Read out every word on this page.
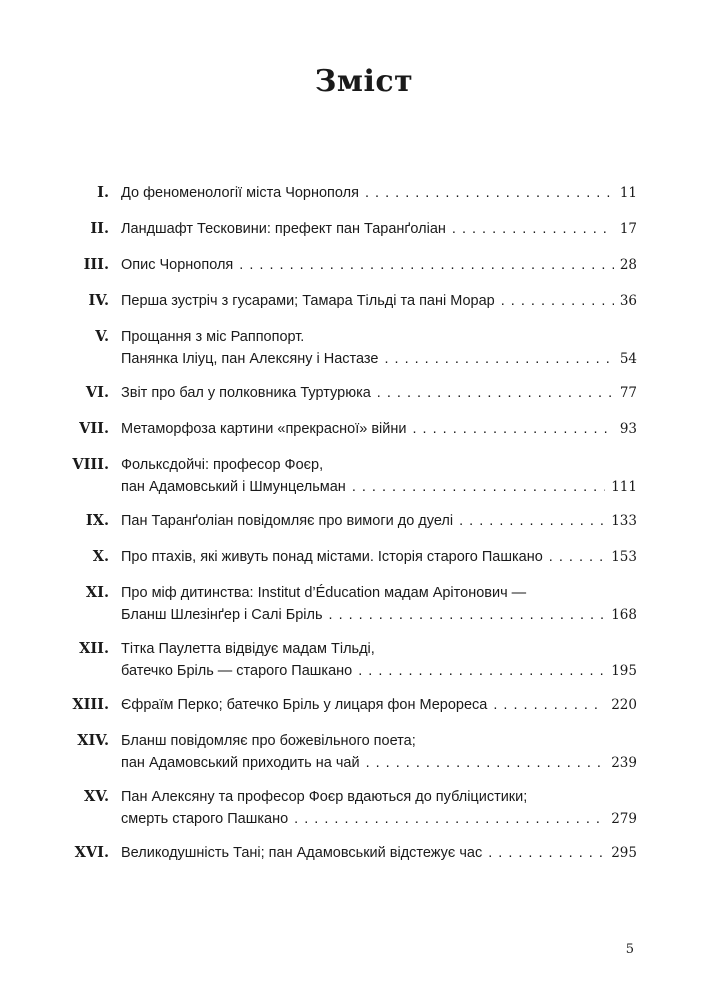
Зміст
I. До феноменології міста Чорнополя . . .	11
II. Ландшафт Тесковини: префект пан Таранґоліан . . .	17
III. Опис Чорнополя . . .	28
IV. Перша зустріч з гусарами; Тамара Тільді та пані Морар . . .	36
V. Прощання з міс Раппопорт.
Панянка Іліуц, пан Алексяну і Настазе . . .	54
VI. Звіт про бал у полковника Туртурюка . . .	77
VII. Метаморфоза картини «прекрасної» війни . . .	93
VIII. Фольксдойчі: професор Фоєр,
пан Адамовський і Шмунцельман . . .	111
IX. Пан Таранґоліан повідомляє про вимоги до дуелі . . .	133
X. Про птахів, які живуть понад містами. Історія старого Пашкано . . .	153
XI. Про міф дитинства: Institut d’Éducation мадам Арітонович —
Бланш Шлезінґер і Салі Бріль . . .	168
XII. Тітка Паулетта відвідує мадам Тільді,
батечко Бріль — старого Пашкано . . .	195
XIII. Єфраїм Перко; батечко Бріль у лицаря фон Мерореса . . .	220
XIV. Бланш повідомляє про божевільного поета;
пан Адамовський приходить на чай . . .	239
XV. Пан Алексяну та професор Фоєр вдаються до публіцистики;
смерть старого Пашкано . . .	279
XVI. Великодушність Тані; пан Адамовський відстежує час . . .	295
5
